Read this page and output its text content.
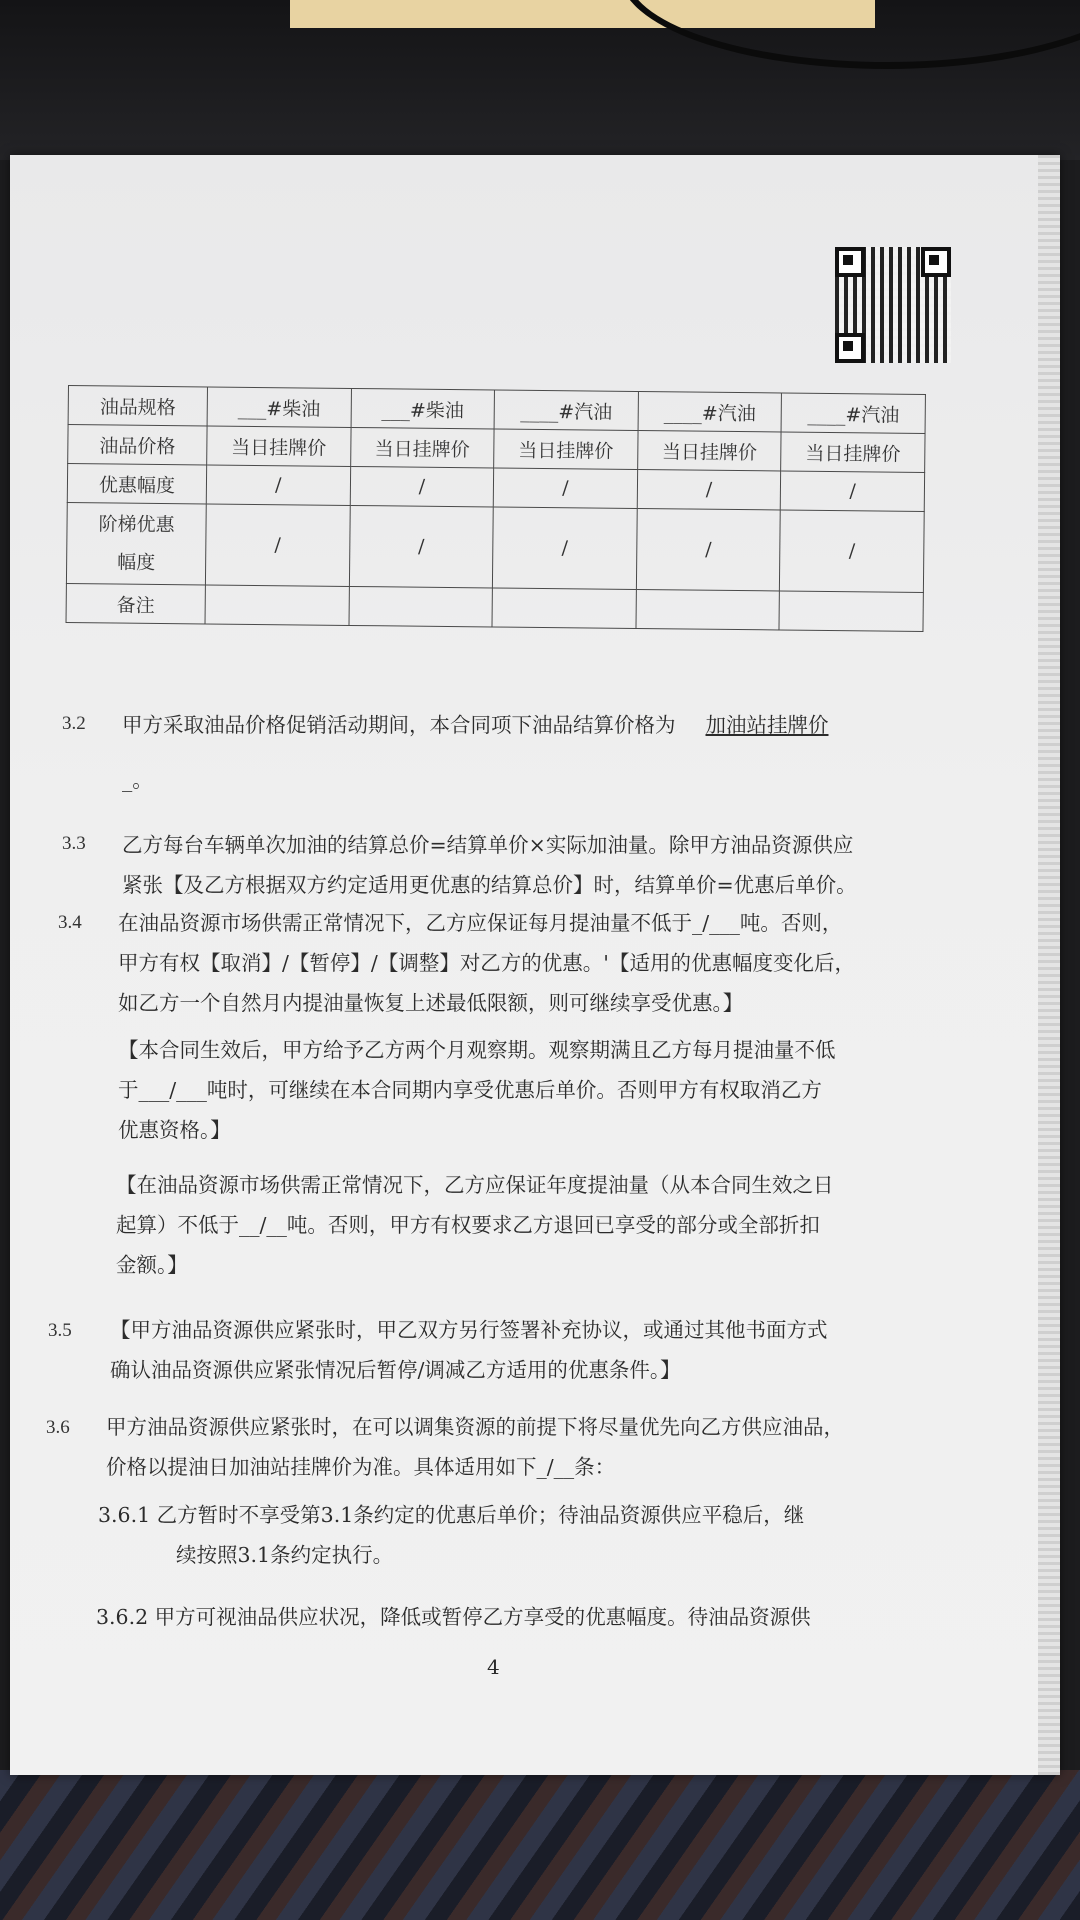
油品规格	___#柴油	___#柴油	____#汽油	____#汽油	____#汽油
油品价格	当日挂牌价	当日挂牌价	当日挂牌价	当日挂牌价	当日挂牌价
优惠幅度	/	/	/	/	/
阶梯优惠幅度	/	/	/	/	/
备注					
3.2 甲方采取油品价格促销活动期间，本合同项下油品结算价格为 加油站挂牌价
_。
3.3 乙方每台车辆单次加油的结算总价=结算单价×实际加油量。除甲方油品资源供应
紧张【及乙方根据双方约定适用更优惠的结算总价】时，结算单价=优惠后单价。
3.4 在油品资源市场供需正常情况下，乙方应保证每月提油量不低于_/___吨。否则，
甲方有权【取消】/【暂停】/【调整】对乙方的优惠。'【适用的优惠幅度变化后，
如乙方一个自然月内提油量恢复上述最低限额，则可继续享受优惠。】
【本合同生效后，甲方给予乙方两个月观察期。观察期满且乙方每月提油量不低
于___/___吨时，可继续在本合同期内享受优惠后单价。否则甲方有权取消乙方
优惠资格。】
【在油品资源市场供需正常情况下，乙方应保证年度提油量（从本合同生效之日
起算）不低于__/__吨。否则，甲方有权要求乙方退回已享受的部分或全部折扣
金额。】
3.5 【甲方油品资源供应紧张时，甲乙双方另行签署补充协议，或通过其他书面方式
确认油品资源供应紧张情况后暂停/调减乙方适用的优惠条件。】
3.6 甲方油品资源供应紧张时，在可以调集资源的前提下将尽量优先向乙方供应油品，
价格以提油日加油站挂牌价为准。具体适用如下_/__条：
3.6.1 乙方暂时不享受第3.1条约定的优惠后单价；待油品资源供应平稳后，继
续按照3.1条约定执行。
3.6.2 甲方可视油品供应状况，降低或暂停乙方享受的优惠幅度。待油品资源供
4
